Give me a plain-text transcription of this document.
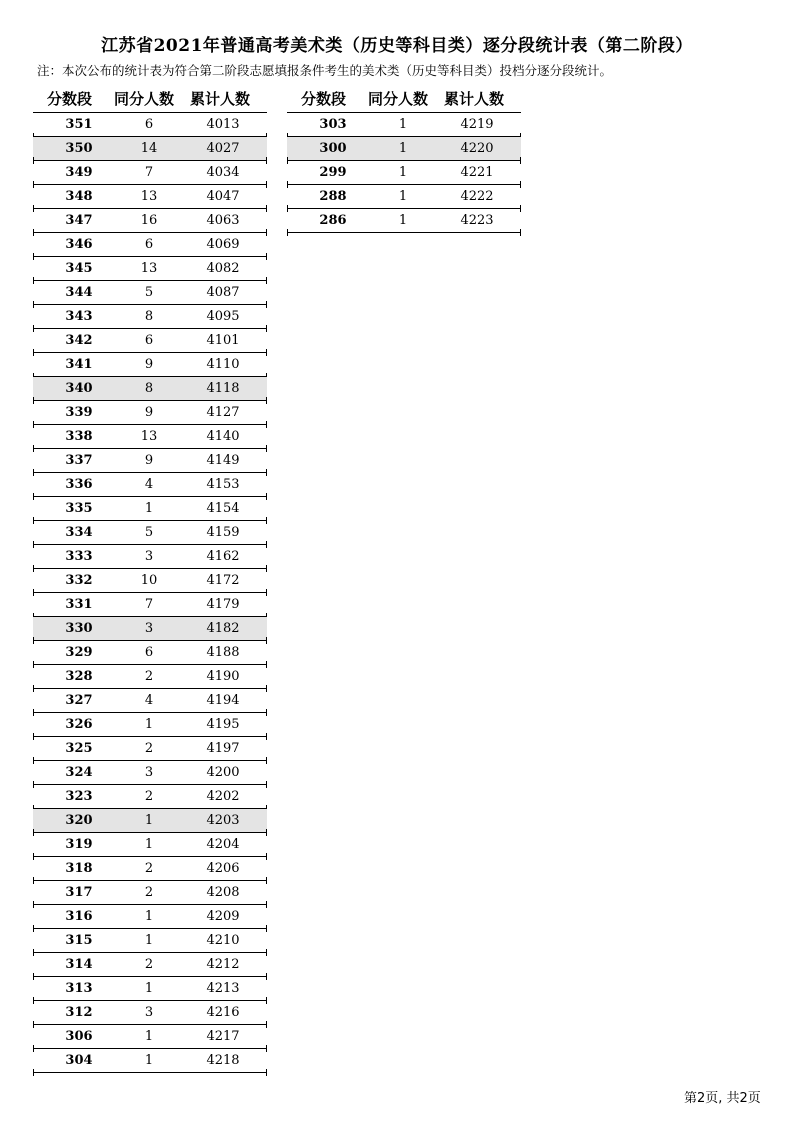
江苏省2021年普通高考美术类（历史等科目类）逐分段统计表（第二阶段）
注：本次公布的统计表为符合第二阶段志愿填报条件考生的美术类（历史等科目类）投档分逐分段统计。
分数段 同分人数 累计人数
351	6	4013
350	14	4027
349	7	4034
348	13	4047
347	16	4063
346	6	4069
345	13	4082
344	5	4087
343	8	4095
342	6	4101
341	9	4110
340	8	4118
339	9	4127
338	13	4140
337	9	4149
336	4	4153
335	1	4154
334	5	4159
333	3	4162
332	10	4172
331	7	4179
330	3	4182
329	6	4188
328	2	4190
327	4	4194
326	1	4195
325	2	4197
324	3	4200
323	2	4202
320	1	4203
319	1	4204
318	2	4206
317	2	4208
316	1	4209
315	1	4210
314	2	4212
313	1	4213
312	3	4216
306	1	4217
304	1	4218
分数段 同分人数 累计人数
303	1	4219
300	1	4220
299	1	4221
288	1	4222
286	1	4223
第2页, 共2页
